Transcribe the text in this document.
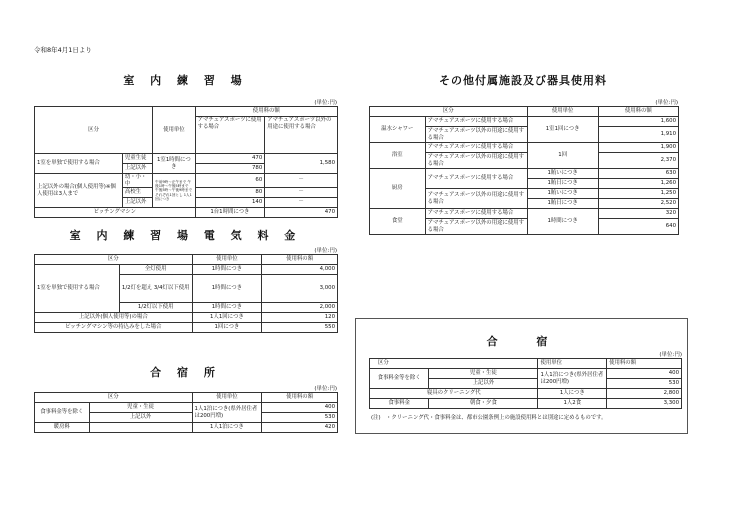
令和8年4月1日より
室 内 練 習 場
(単位:円)
区分		使用単位	使用料の額	
			アマチュアスポーツに使用する場合	アマチュアスポーツ以外の用途に使用する場合
1室を単独で使用する場合	児童生徒	1室1時間につき	470	1,580
	上記以外		780	
上記以外の場合(個人使用等)※個人使用は3人まで	幼・小・中	午前9時〜正午まで 午後1時〜午後5時まで 午後5時〜午後9時まで それぞれ1回とし 1人1回につき	60	－
	高校生		80	－
	上記以外		140	－
ピッチングマシン			1台1時間につき	470
室 内 練 習 場 電 気 料 金
(単位:円)
区分		使用単位	使用料の額
1室を単独で使用する場合	全灯使用	1時間につき	4,000
	1/2灯を超え 3/4灯以下使用	1時間につき	3,000
	1/2灯以下使用	1時間につき	2,000
上記以外(個人使用等)の場合		1人1回につき	120
ピッチングマシン等の持込みをした場合		1回につき	550
合 宿 所
(単位:円)
区分		使用単位	使用料の額
食事料金等を除く	児童・生徒	1人1泊につき(県外居住者は200円増)	400
	上記以外		530
暖房料		1人1泊につき	420
その他付属施設及び器具使用料
(単位:円)
区分		使用単位	使用料の額
温水シャワー	アマチュアスポーツに使用する場合	1室1回につき	1,600
	アマチュアスポーツ以外の用途に使用する場合		1,910
浴室	アマチュアスポーツに使用する場合	1回	1,900
	アマチュアスポーツ以外の用途に使用する場合		2,370
厨房	アマチュアスポーツに使用する場合	1賄いにつき	630
		1賄日につき	1,260
	アマチュアスポーツ以外の用途に使用する場合	1賄いにつき	1,250
		1賄日につき	2,520
食堂	アマチュアスポーツに使用する場合	1時間につき	320
	アマチュアスポーツ以外の用途に使用する場合		640
合　 宿
(単位:円)
区分		使用単位	使用料の額
食事料金等を除く	児童・生徒	1人1泊につき(県外居住者は200円増)	400
	上記以外		530
寝具のクリーニング代		1人につき	2,800
食事料金	朝食・夕食	1人2食	3,300
(注)　・クリーニング代・食事料金は、都市公園条例上の施設使用料とは別途に定めるものです。
